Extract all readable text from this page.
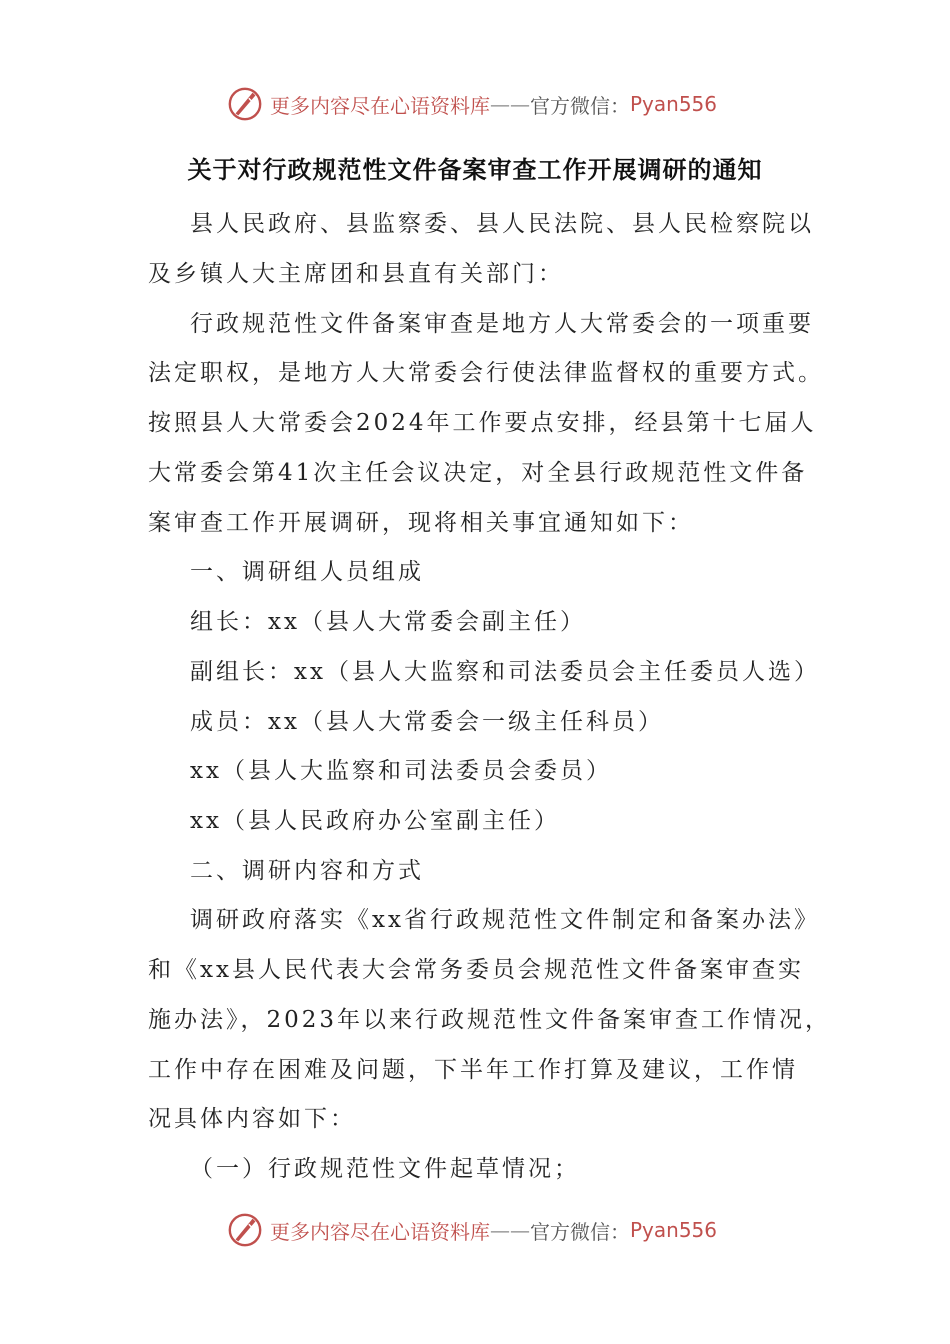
更多内容尽在心语资料库 —— 官方微信： Pyan556
关于对行政规范性文件备案审查工作开展调研的通知
县人民政府、县监察委、县人民法院、县人民检察院以
及乡镇人大主席团和县直有关部门：
行政规范性文件备案审查是地方人大常委会的一项重要
法定职权，是地方人大常委会行使法律监督权的重要方式。
按照县人大常委会2024年工作要点安排，经县第十七届人
大常委会第41次主任会议决定，对全县行政规范性文件备
案审查工作开展调研，现将相关事宜通知如下：
一、调研组人员组成
组长：xx（县人大常委会副主任）
副组长：xx（县人大监察和司法委员会主任委员人选）
成员：xx（县人大常委会一级主任科员）
xx（县人大监察和司法委员会委员）
xx（县人民政府办公室副主任）
二、调研内容和方式
调研政府落实《xx省行政规范性文件制定和备案办法》
和《xx县人民代表大会常务委员会规范性文件备案审查实
施办法》，2023年以来行政规范性文件备案审查工作情况，
工作中存在困难及问题，下半年工作打算及建议，工作情
况具体内容如下：
（一）行政规范性文件起草情况；
更多内容尽在心语资料库 —— 官方微信： Pyan556
